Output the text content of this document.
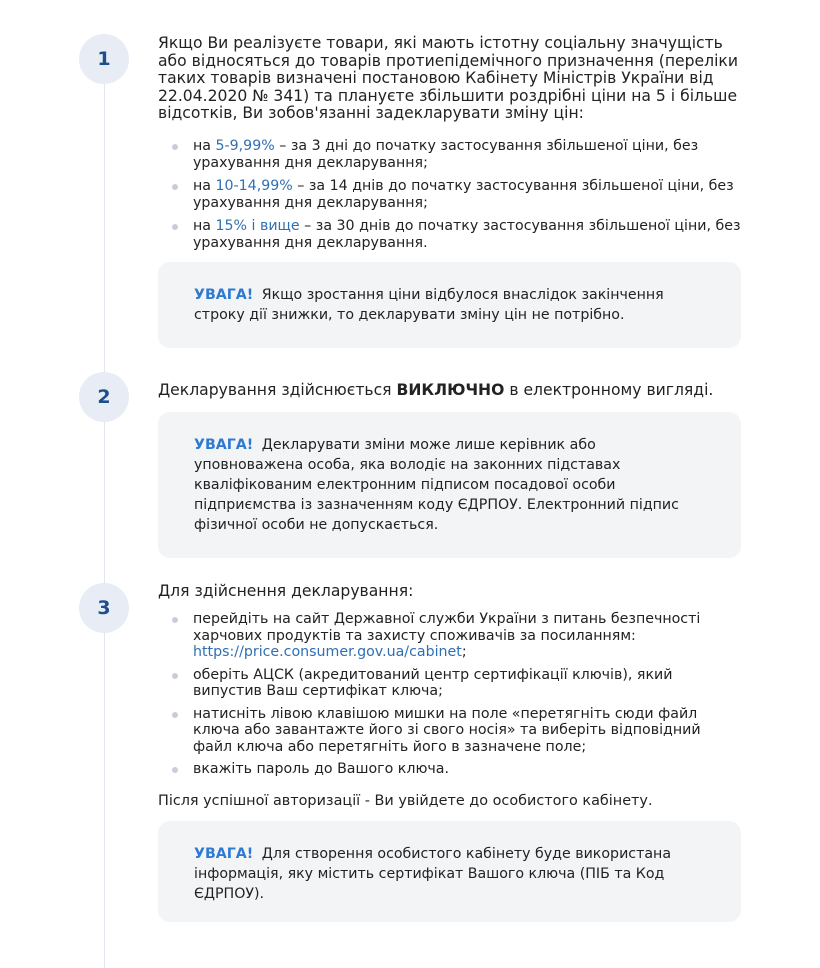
1
Якщо Ви реалізуєте товари, які мають істотну соціальну значущість або відносяться до товарів протиепідемічного призначення (переліки таких товарів визначені постановою Кабінету Міністрів України від 22.04.2020 № 341) та плануєте збільшити роздрібні ціни на 5 і більше відсотків, Ви зобов'язанні задекларувати зміну цін:
на 5-9,99% – за 3 дні до початку застосування збільшеної ціни, без урахування дня декларування;
на 10-14,99% – за 14 днів до початку застосування збільшеної ціни, без урахування дня декларування;
на 15% і вище – за 30 днів до початку застосування збільшеної ціни, без урахування дня декларування.
УВАГА! Якщо зростання ціни відбулося внаслідок закінчення строку дії знижки, то декларувати зміну цін не потрібно.
2	Декларування здійснюється ВИКЛЮЧНО в електронному вигляді.
УВАГА! Декларувати зміни може лише керівник або уповноважена особа, яка володіє на законних підставах кваліфікованим електронним підписом посадової особи підприємства із зазначенням коду ЄДРПОУ. Електронний підпис фізичної особи не допускається.
3
Для здійснення декларування:
перейдіть на сайт Державної служби України з питань безпечності харчових продуктів та захисту споживачів за посиланням: https://price.consumer.gov.ua/cabinet;
оберіть АЦСК (акредитований центр сертифікації ключів), який випустив Ваш сертифікат ключа;
натисніть лівою клавішою мишки на поле «перетягніть сюди файл ключа або завантажте його зі свого носія» та виберіть відповідний файл ключа або перетягніть його в зазначене поле;
вкажіть пароль до Вашого ключа.
Після успішної авторизації - Ви увійдете до особистого кабінету.
УВАГА! Для створення особистого кабінету буде використана інформація, яку містить сертифікат Вашого ключа (ПІБ та Код ЄДРПОУ).
